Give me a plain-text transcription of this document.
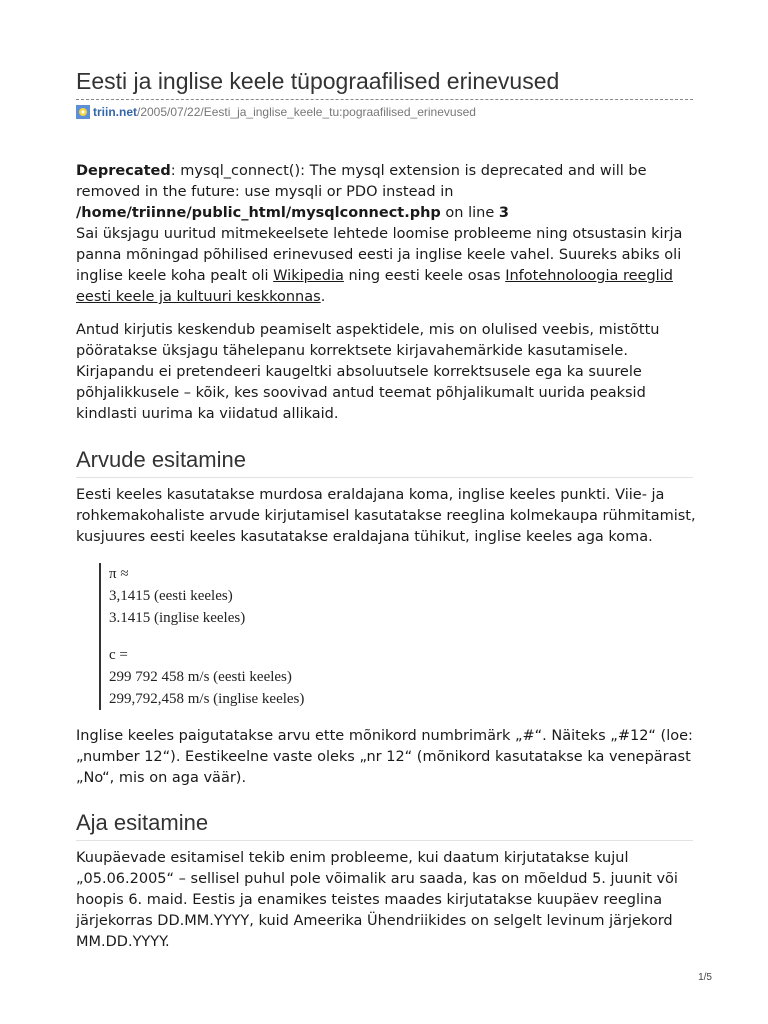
Eesti ja inglise keele tüpograafilised erinevused
triin.net/2005/07/22/Eesti_ja_inglise_keele_tu:pograafilised_erinevused

Deprecated: mysql_connect(): The mysql extension is deprecated and will be removed in the future: use mysqli or PDO instead in /home/triinne/public_html/mysqlconnect.php on line 3

Sai üksjagu uuritud mitmekeelsete lehtede loomise probleeme ning otsustasin kirja panna mõningad põhilised erinevused eesti ja inglise keele vahel. Suureks abiks oli inglise keele koha pealt oli Wikipedia ning eesti keele osas Infotehnoloogia reeglid eesti keele ja kultuuri keskkonnas.

Antud kirjutis keskendub peamiselt aspektidele, mis on olulised veebis, mistõttu pööratakse üksjagu tähelepanu korrektsete kirjavahemärkide kasutamisele. Kirjapandu ei pretendeeri kaugeltki absoluutsele korrektsusele ega ka suurele põhjalikkusele – kõik, kes soovivad antud teemat põhjalikumalt uurida peaksid kindlasti uurima ka viidatud allikaid.

Arvude esitamine

Eesti keeles kasutatakse murdosa eraldajana koma, inglise keeles punkti. Viie- ja rohkemakohaliste arvude kirjutamisel kasutatakse reeglina kolmekaupa rühmitamist, kusjuures eesti keeles kasutatakse eraldajana tühikut, inglise keeles aga koma.

π ≈
3,1415 (eesti keeles)
3.1415 (inglise keeles)
c =
299 792 458 m/s (eesti keeles)
299,792,458 m/s (inglise keeles)

Inglise keeles paigutatakse arvu ette mõnikord numbrimärk „#“. Näiteks „#12“ (loe: „number 12“). Eestikeelne vaste oleks „nr 12“ (mõnikord kasutatakse ka venepärast „No“, mis on aga väär).

Aja esitamine

Kuupäevade esitamisel tekib enim probleeme, kui daatum kirjutatakse kujul „05.06.2005“ – sellisel puhul pole võimalik aru saada, kas on mõeldud 5. juunit või hoopis 6. maid. Eestis ja enamikes teistes maades kirjutatakse kuupäev reeglina järjekorras DD.MM.YYYY, kuid Ameerika Ühendriikides on selgelt levinum järjekord MM.DD.YYYY.

1/5
